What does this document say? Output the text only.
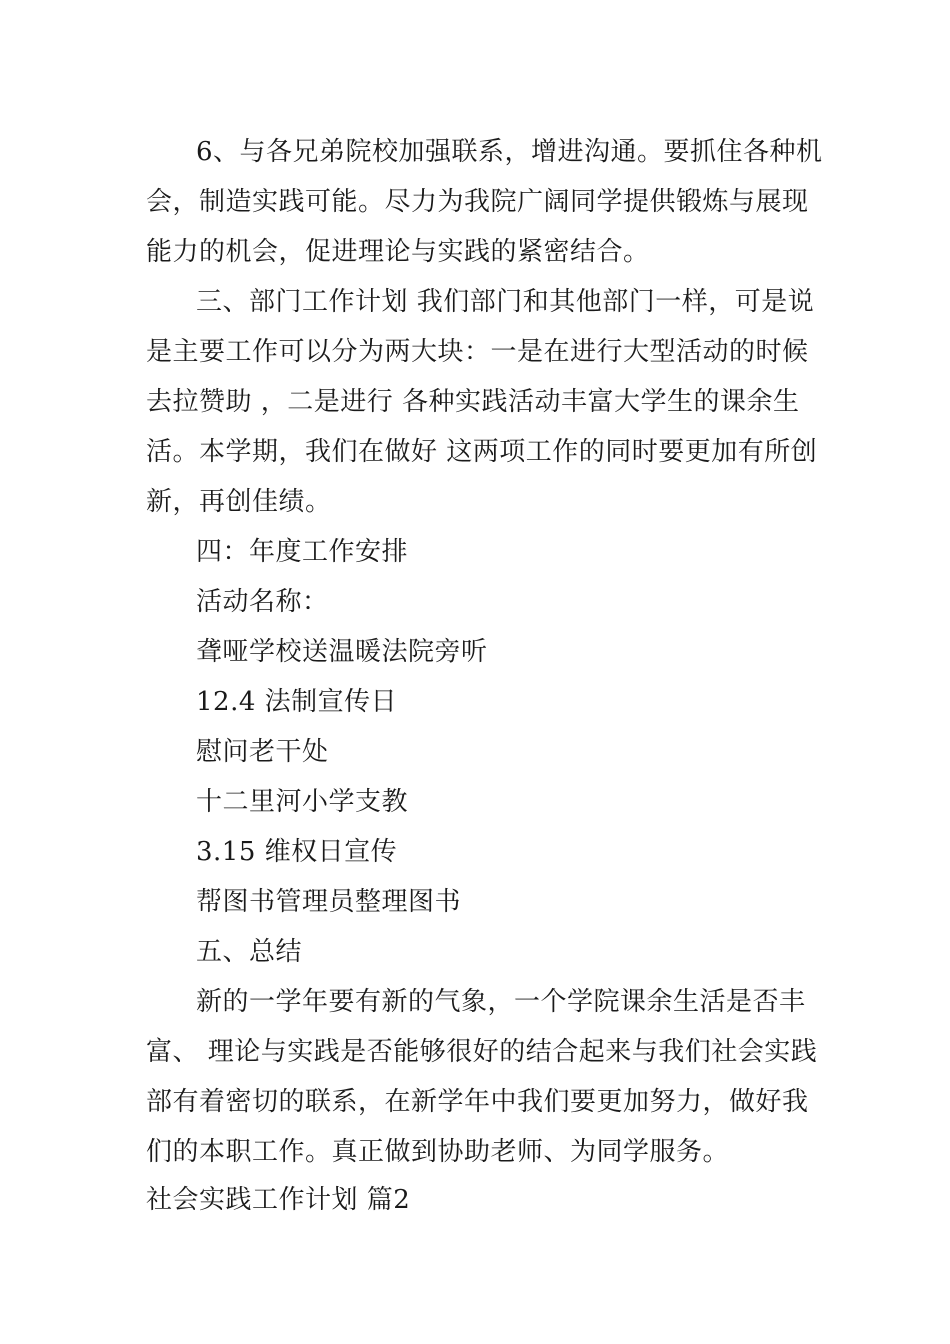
6、与各兄弟院校加强联系，增进沟通。要抓住各种机
会，制造实践可能。尽力为我院广阔同学提供锻炼与展现
能力的机会，促进理论与实践的紧密结合。
三、部门工作计划 我们部门和其他部门一样，可是说
是主要工作可以分为两大块：一是在进行大型活动的时候
去拉赞助 ，二是进行 各种实践活动丰富大学生的课余生
活。本学期，我们在做好 这两项工作的同时要更加有所创
新，再创佳绩。
四：年度工作安排
活动名称：
聋哑学校送温暖法院旁听
12.4 法制宣传日
慰问老干处
十二里河小学支教
3.15 维权日宣传
帮图书管理员整理图书
五、总结
新的一学年要有新的气象，一个学院课余生活是否丰
富、 理论与实践是否能够很好的结合起来与我们社会实践
部有着密切的联系，在新学年中我们要更加努力，做好我
们的本职工作。真正做到协助老师、为同学服务。
社会实践工作计划 篇2
